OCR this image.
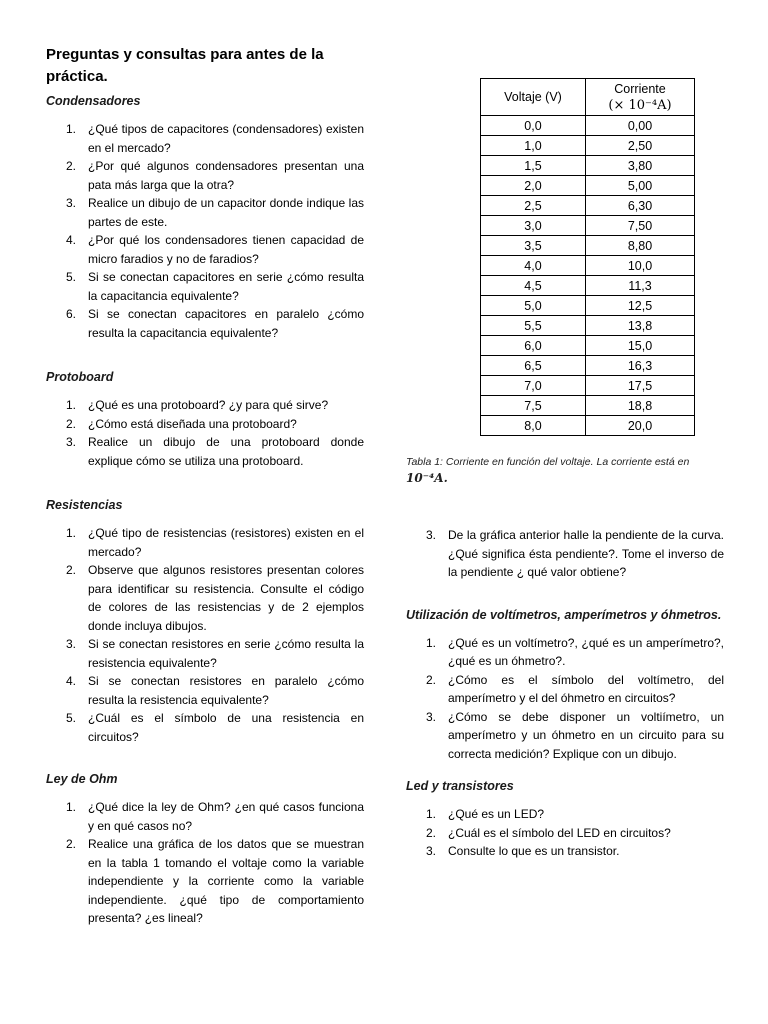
Preguntas y consultas para antes de la
práctica.

Condensadores

1. ¿Qué tipos de capacitores (condensadores) existen en el mercado?
2. ¿Por qué algunos condensadores presentan una pata más larga que la otra?
3. Realice un dibujo de un capacitor donde indique las partes de este.
4. ¿Por qué los condensadores tienen capacidad de micro faradios y no de faradios?
5. Si se conectan capacitores en serie ¿cómo resulta la capacitancia equivalente?
6. Si se conectan capacitores en paralelo ¿cómo resulta la capacitancia equivalente?

Protoboard

1. ¿Qué es una protoboard? ¿y para qué sirve?
2. ¿Cómo está diseñada una protoboard?
3. Realice un dibujo de una protoboard donde explique cómo se utiliza una protoboard.

Resistencias

1. ¿Qué tipo de resistencias (resistores) existen en el mercado?
2. Observe que algunos resistores presentan colores para identificar su resistencia. Consulte el código de colores de las resistencias y de 2 ejemplos donde incluya dibujos.
3. Si se conectan resistores en serie ¿cómo resulta la resistencia equivalente?
4. Si se conectan resistores en paralelo ¿cómo resulta la resistencia equivalente?
5. ¿Cuál es el símbolo de una resistencia en circuitos?

Ley de Ohm

1. ¿Qué dice la ley de Ohm? ¿en qué casos funciona y en qué casos no?
2. Realice una gráfica de los datos que se muestran en la tabla 1 tomando el voltaje como la variable independiente y la corriente como la variable independiente. ¿qué tipo de comportamiento presenta? ¿es lineal?
Voltaje (V)	Corriente
(× 10⁻⁴A)
0,0	0,00
1,0	2,50
1,5	3,80
2,0	5,00
2,5	6,30
3,0	7,50
3,5	8,80
4,0	10,0
4,5	11,3
5,0	12,5
5,5	13,8
6,0	15,0
6,5	16,3
7,0	17,5
7,5	18,8
8,0	20,0
Tabla 1: Corriente en función del voltaje. La corriente está en
10⁻⁴A.
3. De la gráfica anterior halle la pendiente de la curva. ¿Qué significa ésta pendiente?. Tome el inverso de la pendiente ¿ qué valor obtiene?

Utilización de voltímetros, amperímetros y óhmetros.

1. ¿Qué es un voltímetro?, ¿qué es un amperímetro?, ¿qué es un óhmetro?.
2. ¿Cómo es el símbolo del voltímetro, del amperímetro y el del óhmetro en circuitos?
3. ¿Cómo se debe disponer un voltiímetro, un amperímetro y un óhmetro en un circuito para su correcta medición? Explique con un dibujo.

Led y transistores

1. ¿Qué es un LED?
2. ¿Cuál es el símbolo del LED en circuitos?
3. Consulte lo que es un transistor.
